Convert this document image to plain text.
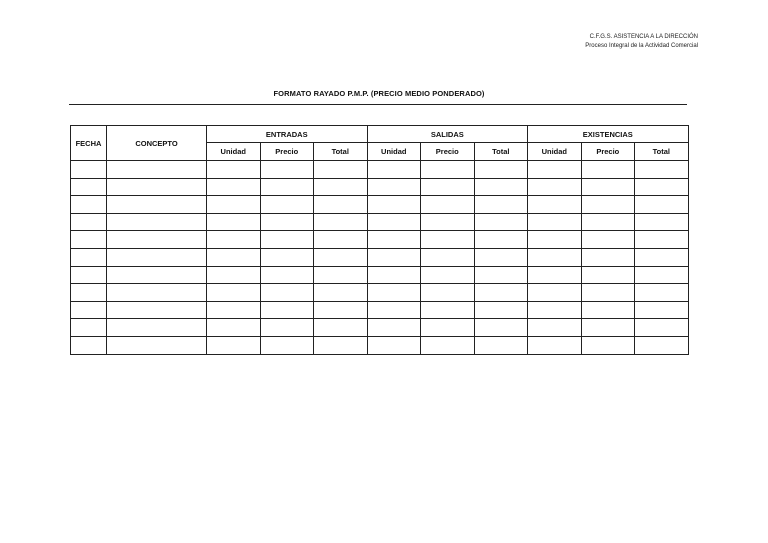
C.F.G.S. ASISTENCIA A LA DIRECCIÓN
Proceso Integral de la Actividad Comercial
FORMATO RAYADO P.M.P. (PRECIO MEDIO PONDERADO)
FECHA	CONCEPTO	ENTRADAS			SALIDAS			EXISTENCIAS		
		Unidad	Precio	Total	Unidad	Precio	Total	Unidad	Precio	Total
